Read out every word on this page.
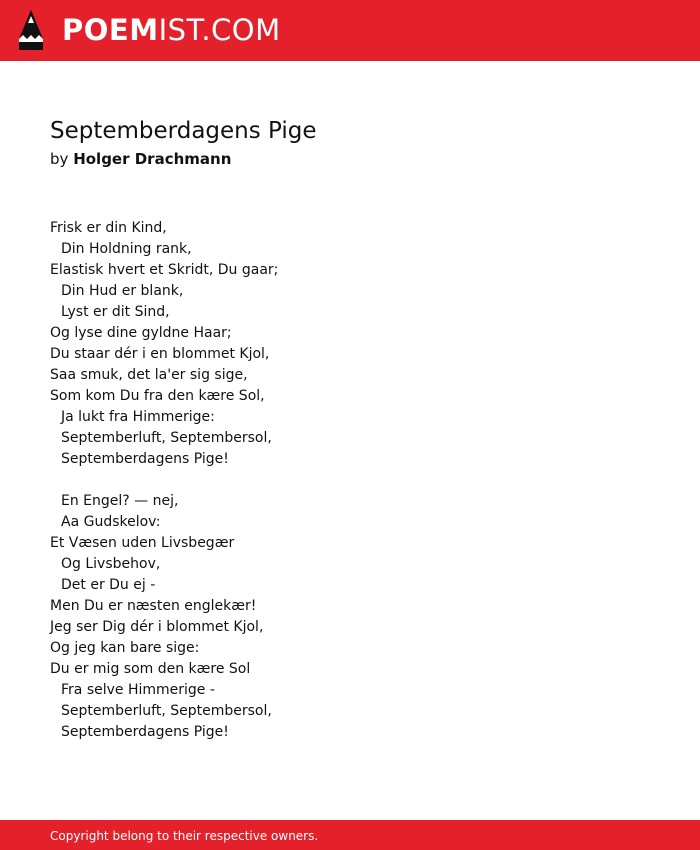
POEMIST.COM
Septemberdagens Pige
by Holger Drachmann
Frisk er din Kind,
Din Holdning rank,
Elastisk hvert et Skridt, Du gaar;
Din Hud er blank,
Lyst er dit Sind,
Og lyse dine gyldne Haar;
Du staar dér i en blommet Kjol,
Saa smuk, det la'er sig sige,
Som kom Du fra den kære Sol,
Ja lukt fra Himmerige:
Septemberluft, Septembersol,
Septemberdagens Pige!
En Engel? — nej,
Aa Gudskelov:
Et Væsen uden Livsbegær
Og Livsbehov,
Det er Du ej -
Men Du er næsten englekær!
Jeg ser Dig dér i blommet Kjol,
Og jeg kan bare sige:
Du er mig som den kære Sol
Fra selve Himmerige -
Septemberluft, Septembersol,
Septemberdagens Pige!
Copyright belong to their respective owners.
